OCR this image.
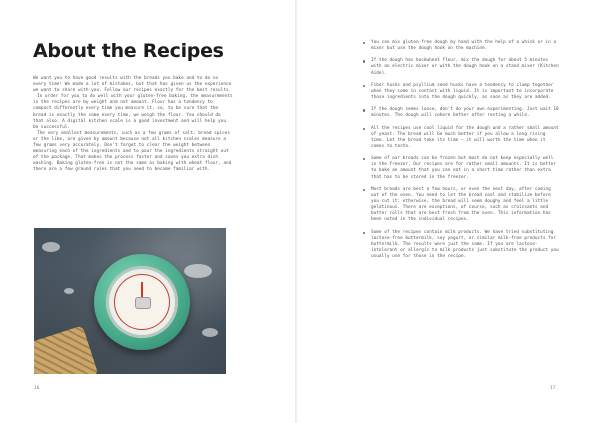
About the Recipes

We want you to have good results with the breads you bake and to do so every time! We made a lot of mistakes, but that has given us the experience we want to share with you. Follow our recipes exactly for the best results.

In order for you to do well with your gluten-free baking, the measurements in the recipes are by weight and not amount. Flour has a tendency to compact differently every time you measure it, so, to be sure that the bread is exactly the same every time, we weigh the flour. You should do that also. A digital kitchen scale is a good investment and will help you be successful.

The very smallest measurements, such as a few grams of salt, bread spices or the like, are given by amount because not all kitchen scales measure a few grams very accurately. Don't forget to clear the weight between measuring each of the ingredients and to pour the ingredients straight out of the package. That makes the process faster and saves you extra dish washing. Baking gluten-free is not the same as baking with wheat flour, and there are a few ground rules that you need to become familiar with.

16
You can mix gluten-free dough by hand with the help of a whisk or in a mixer but use the dough hook on the machine.
If the dough has buckwheat flour, mix the dough for about 5 minutes with an electric mixer or with the dough hook on a stand mixer (Kitchen Aide).
Fiber husks and psyllium seed husks have a tendency to clump together when they come in contact with liquid. It is important to incorporate those ingredients into the dough quickly, as soon as they are added.
If the dough seems loose, don't do your own experimenting. Just wait 10 minutes. The dough will cohere better after resting a while.
All the recipes use cool liquid for the dough and a rather small amount of yeast. The bread will be much better if you allow a long rising time. Let the bread take its time – it will worth the time when it comes to taste.
Some of our breads can be frozen but most do not keep especially well in the freezer. Our recipes are for rather small amounts. It is better to bake an amount that you can eat in a short time rather than extra that has to be stored in the freezer.
Most breads are best a few hours, or even the next day, after coming out of the oven. You need to let the bread cool and stabilize before you cut it; otherwise, the bread will seem doughy and feel a little gelatinous. There are exceptions, of course, such as croissants and butter rolls that are best fresh from the oven. This information has been noted in the individual recipes.
Some of the recipes contain milk products. We have tried substituting lactose-free buttermilk, soy yogurt, or similar milk-free products for buttermilk. The results were just the same. If you are lactose-intolerant or allergic to milk products just substitute the product you usually use for those in the recipe.
17
